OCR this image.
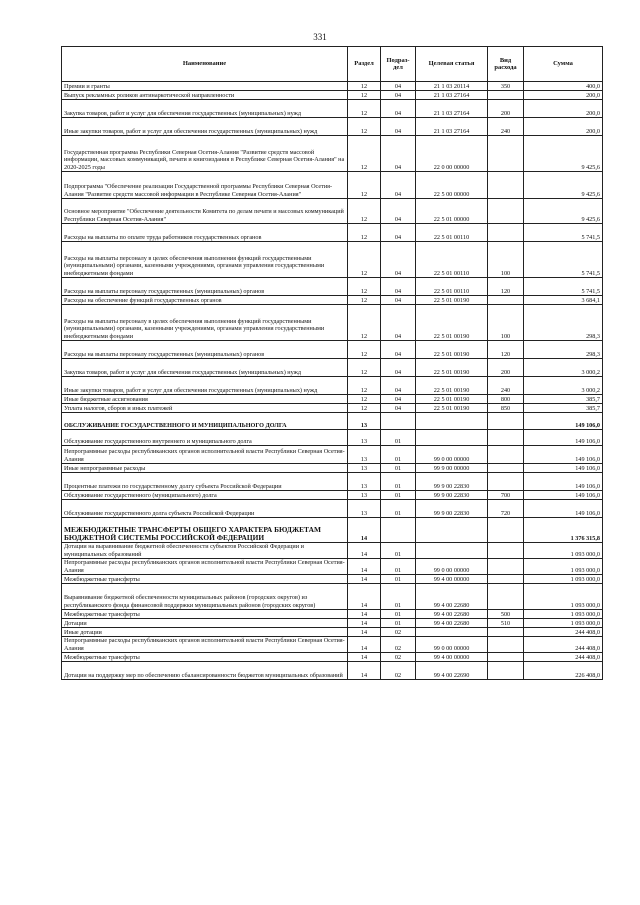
331
Наименование	Раздел	Подраз-дел	Целевая статья	Вид расхода	Сумма
Премии и гранты	12	04	21 1 03 20114	350	400,0
Выпуск рекламных роликов антинаркотической направленности	12	04	21 1 03 27164		200,0
Закупка товаров, работ и услуг для обеспечения государственных (муниципальных) нужд	12	04	21 1 03 27164	200	200,0
Иные закупки товаров, работ и услуг для обеспечения государственных (муниципальных) нужд	12	04	21 1 03 27164	240	200,0
Государственная программа Республики Северная Осетия-Алания "Развитие средств массовой информации, массовых коммуникаций, печати и книгоиздания в Республике Северная Осетия-Алания" на 2020-2025 годы	12	04	22 0 00 00000		9 425,6
Подпрограмма "Обеспечение реализации Государственной программы Республики Северная Осетия-Алания "Развитие средств массовой информации в Республике Северная Осетия-Алания"	12	04	22 5 00 00000		9 425,6
Основное мероприятие "Обеспечение деятельности Комитета по делам печати и массовых коммуникаций Республики Северная Осетия-Алания"	12	04	22 5 01 00000		9 425,6
Расходы на выплаты по оплате труда работников государственных органов	12	04	22 5 01 00110		5 741,5
Расходы на выплаты персоналу в целях обеспечения выполнения функций государственными (муниципальными) органами, казенными учреждениями, органами управления государственными внебюджетными фондами	12	04	22 5 01 00110	100	5 741,5
Расходы на выплаты персоналу государственных (муниципальных) органов	12	04	22 5 01 00110	120	5 741,5
Расходы на обеспечение функций государственных органов	12	04	22 5 01 00190		3 684,1
Расходы на выплаты персоналу в целях обеспечения выполнения функций государственными (муниципальными) органами, казенными учреждениями, органами управления государственными внебюджетными фондами	12	04	22 5 01 00190	100	298,3
Расходы на выплаты персоналу государственных (муниципальных) органов	12	04	22 5 01 00190	120	298,3
Закупка товаров, работ и услуг для обеспечения государственных (муниципальных) нужд	12	04	22 5 01 00190	200	3 000,2
Иные закупки товаров, работ и услуг для обеспечения государственных (муниципальных) нужд	12	04	22 5 01 00190	240	3 000,2
Иные бюджетные ассигнования	12	04	22 5 01 00190	800	385,7
Уплата налогов, сборов и иных платежей	12	04	22 5 01 00190	850	385,7
ОБСЛУЖИВАНИЕ ГОСУДАРСТВЕННОГО И МУНИЦИПАЛЬНОГО ДОЛГА	13				149 106,0
Обслуживание государственного внутреннего и муниципального долга	13	01			149 106,0
Непрограммные расходы республиканских органов исполнительной власти Республики Северная Осетия-Алания	13	01	99 0 00 00000		149 106,0
Иные непрограммные расходы	13	01	99 9 00 00000		149 106,0
Процентные платежи по государственному долгу субъекта Российской Федерации	13	01	99 9 00 22830		149 106,0
Обслуживание государственного (муниципального) долга	13	01	99 9 00 22830	700	149 106,0
Обслуживание государственного долга субъекта Российской Федерации	13	01	99 9 00 22830	720	149 106,0
МЕЖБЮДЖЕТНЫЕ ТРАНСФЕРТЫ ОБЩЕГО ХАРАКТЕРА БЮДЖЕТАМ БЮДЖЕТНОЙ СИСТЕМЫ РОССИЙСКОЙ ФЕДЕРАЦИИ	14				1 376 315,8
Дотации на выравнивание бюджетной обеспеченности субъектов Российской Федерации и муниципальных образований	14	01			1 093 000,0
Непрограммные расходы республиканских органов исполнительной власти Республики Северная Осетия-Алания	14	01	99 0 00 00000		1 093 000,0
Межбюджетные трансферты	14	01	99 4 00 00000		1 093 000,0
Выравнивание бюджетной обеспеченности муниципальных районов (городских округов) из республиканского фонда финансовой поддержки муниципальных районов (городских округов)	14	01	99 4 00 22680		1 093 000,0
Межбюджетные трансферты	14	01	99 4 00 22680	500	1 093 000,0
Дотации	14	01	99 4 00 22680	510	1 093 000,0
Иные дотации	14	02			244 408,0
Непрограммные расходы республиканских органов исполнительной власти Республики Северная Осетия-Алания	14	02	99 0 00 00000		244 408,0
Межбюджетные трансферты	14	02	99 4 00 00000		244 408,0
Дотации на поддержку мер по обеспечению сбалансированности бюджетов муниципальных образований	14	02	99 4 00 22690		226 408,0
